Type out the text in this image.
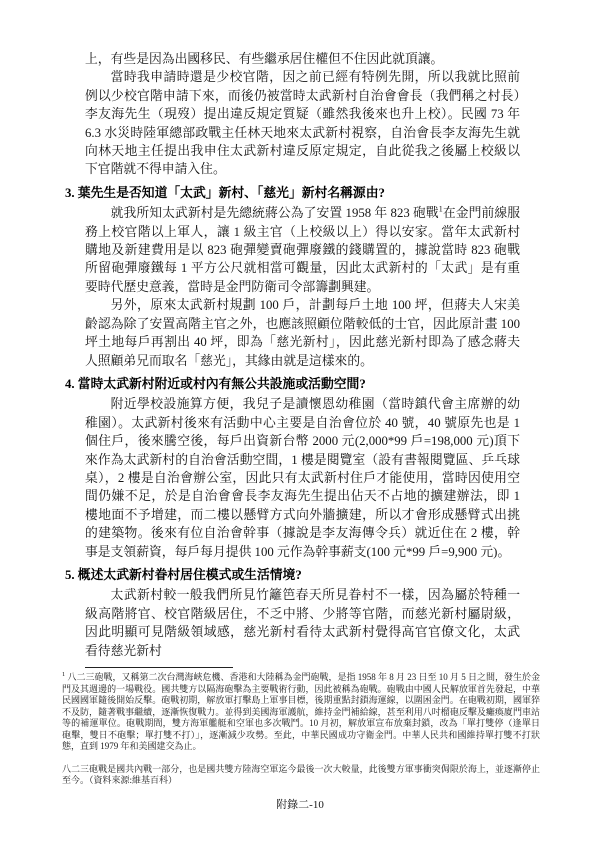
上，有些是因為出國移民、有些繼承居住權但不住因此就頂讓。

當時我申請時還是少校官階，因之前已經有特例先開，所以我就比照前例以少校官階申請下來，而後仍被當時太武新村自治會會長（我們稱之村長）李友海先生（現歿）提出違反規定質疑（雖然我後來也升上校）。民國 73 年 6.3 水災時陸軍總部政戰主任林天地來太武新村視察，自治會長李友海先生就向林天地主任提出我申住太武新村違反原定規定，自此從我之後屬上校級以下官階就不得申請入住。

3. 葉先生是否知道「太武」新村、「慈光」新村名稱源由?

就我所知太武新村是先總統蔣公為了安置 1958 年 823 砲戰$^1$在金門前線服務上校官階以上軍人，讓 1 級主官（上校級以上）得以安家。當年太武新村購地及新建費用是以 823 砲彈變賣砲彈廢鐵的錢購置的，據說當時 823 砲戰所留砲彈廢鐵每 1 平方公尺就相當可觀量，因此太武新村的「太武」是有重要時代歷史意義，當時是金門防衛司令部籌劃興建。

另外，原來太武新村規劃 100 戶，計劃每戶土地 100 坪，但蔣夫人宋美齡認為除了安置高階主官之外，也應該照顧位階較低的士官，因此原計畫 100 坪土地每戶再割出 40 坪，即為「慈光新村」，因此慈光新村即為了感念蔣夫人照顧弟兄而取名「慈光」，其緣由就是這樣來的。

4. 當時太武新村附近或村內有無公共設施或活動空間?

附近學校設施算方便，我兒子是讀懷恩幼稚園（當時鎮代會主席辦的幼稚園）。太武新村後來有活動中心主要是自治會位於 40 號，40 號原先也是 1 個住戶，後來騰空後，每戶出資新台幣 2000 元(2,000*99 戶=198,000 元)頂下來作為太武新村的自治會活動空間，1 樓是閱覽室（設有書報閱覽區、乒乓球桌），2 樓是自治會辦公室，因此只有太武新村住戶才能使用，當時因使用空間仍嫌不足，於是自治會會長李友海先生提出佔天不占地的擴建辦法，即 1 樓地面不予增建，而二樓以懸臂方式向外牆擴建，所以才會形成懸臂式出挑的建築物。後來有位自治會幹事（據說是李友海傳令兵）就近住在 2 樓，幹事是支領薪資，每戶每月提供 100 元作為幹事薪支(100 元*99 戶=9,900 元)。

5. 概述太武新村眷村居住模式或生活情境?

太武新村較一般我們所見竹籬笆春天所見眷村不一樣，因為屬於特種一級高階將官、校官階級居住，不乏中將、少將等官階，而慈光新村屬尉級，因此明顯可見階級領域感，慈光新村看待太武新村覺得高官官僚文化，太武看待慈光新村

$^1$ 八二三砲戰，又稱第二次台灣海峽危機、香港和大陸稱為金門砲戰，是指 1958 年 8 月 23 日至 10 月 5 日之間，發生於金門及其週邊的一場戰役。國共雙方以隔海砲擊為主要戰術行動，因此被稱為砲戰。砲戰由中國人民解放軍首先發起，中華民國國軍隨後開始反擊。砲戰初期，解放軍打擊島上軍事目標，後期重點封鎖海運線，以圍困金門。在砲戰初期，國軍猝不及防，隨著戰事繼續，逐漸恢復戰力。並得到美國海軍護航，維持金門補給線，甚至利用八吋榴砲反擊及癱瘓廈門車站等的補運單位。砲戰期間，雙方海軍艦艇和空軍也多次戰鬥。10 月初，解放軍宣布放棄封鎖，改為「單打雙停（逢單日砲擊，雙日不砲擊；單打雙不打）」，逐漸減少攻勢。至此，中華民國成功守衛金門。中華人民共和國維持單打雙不打狀態，直到 1979 年和美國建交為止。

八二三砲戰是國共內戰一部分，也是國共雙方陸海空軍迄今最後一次大較量，此後雙方軍事衝突侷限於海上，並逐漸停止至今。（資料來源:維基百科）

附錄二-10
